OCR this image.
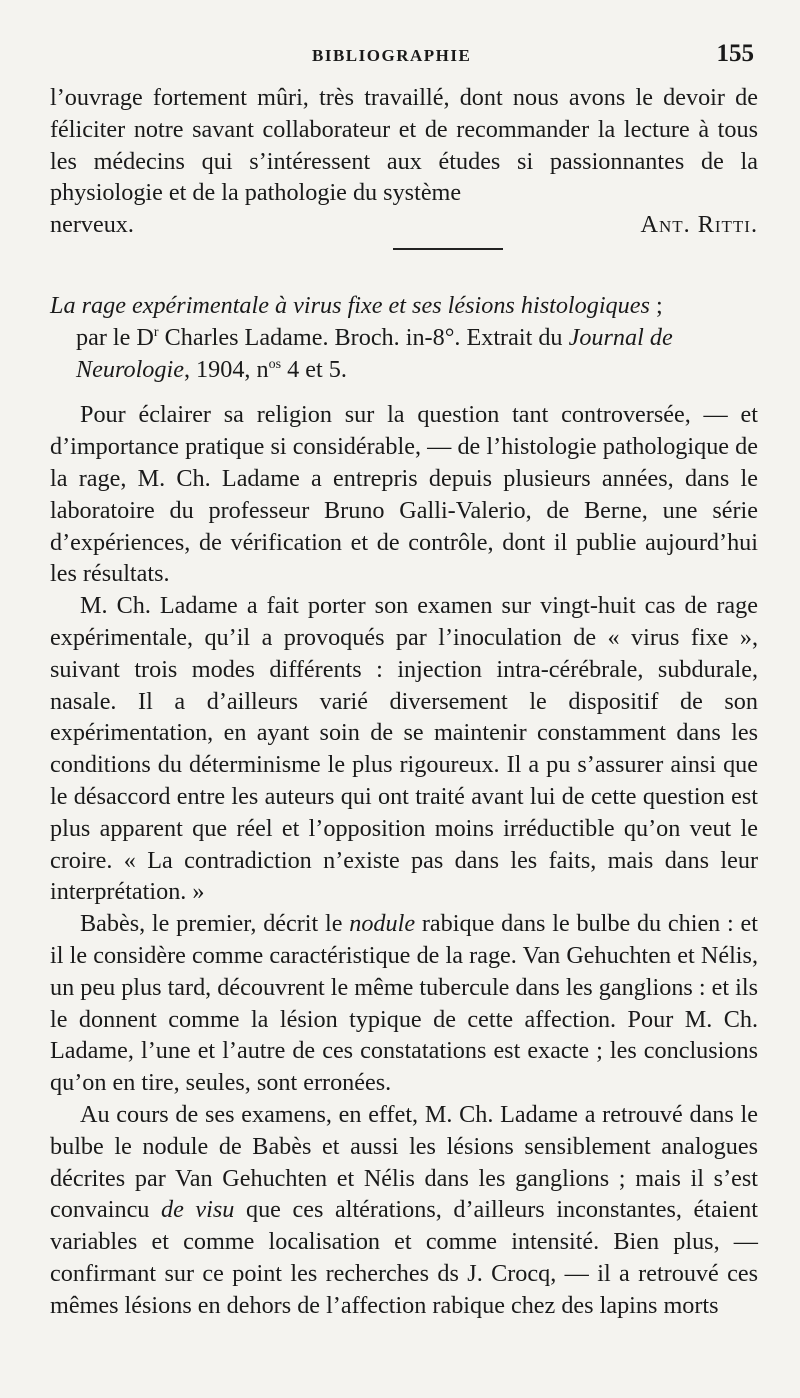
BIBLIOGRAPHIE	155

l’ouvrage fortement mûri, très travaillé, dont nous avons le devoir de féliciter notre savant collaborateur et de recommander la lecture à tous les médecins qui s’intéressent aux études si passionnantes de la physiologie et de la pathologie du système

nerveux.	Ant. Ritti.

La rage expérimentale à virus fixe et ses lésions histologiques ;
par le $D^r$ Charles Ladame. Broch. in-8°. Extrait du Journal de Neurologie, 1904, $n^{os}$ 4 et 5.

Pour éclairer sa religion sur la question tant controversée, — et d’importance pratique si considérable, — de l’histologie pathologique de la rage, M. Ch. Ladame a entrepris depuis plusieurs années, dans le laboratoire du professeur Bruno Galli-Valerio, de Berne, une série d’expériences, de vérification et de contrôle, dont il publie aujourd’hui les résultats.

M. Ch. Ladame a fait porter son examen sur vingt-huit cas de rage expérimentale, qu’il a provoqués par l’inoculation de « virus fixe », suivant trois modes différents : injection intra-cérébrale, subdurale, nasale. Il a d’ailleurs varié diversement le dispositif de son expérimentation, en ayant soin de se maintenir constamment dans les conditions du déterminisme le plus rigoureux. Il a pu s’assurer ainsi que le désaccord entre les auteurs qui ont traité avant lui de cette question est plus apparent que réel et l’opposition moins irréductible qu’on veut le croire. « La contradiction n’existe pas dans les faits, mais dans leur interprétation. »

Babès, le premier, décrit le nodule rabique dans le bulbe du chien : et il le considère comme caractéristique de la rage. Van Gehuchten et Nélis, un peu plus tard, découvrent le même tubercule dans les ganglions : et ils le donnent comme la lésion typique de cette affection. Pour M. Ch. Ladame, l’une et l’autre de ces constatations est exacte ; les conclusions qu’on en tire, seules, sont erronées.

Au cours de ses examens, en effet, M. Ch. Ladame a retrouvé dans le bulbe le nodule de Babès et aussi les lésions sensiblement analogues décrites par Van Gehuchten et Nélis dans les ganglions ; mais il s’est convaincu de visu que ces altérations, d’ailleurs inconstantes, étaient variables et comme localisation et comme intensité. Bien plus, — confirmant sur ce point les recherches ds J. Crocq, — il a retrouvé ces mêmes lésions en dehors de l’affection rabique chez des lapins morts
